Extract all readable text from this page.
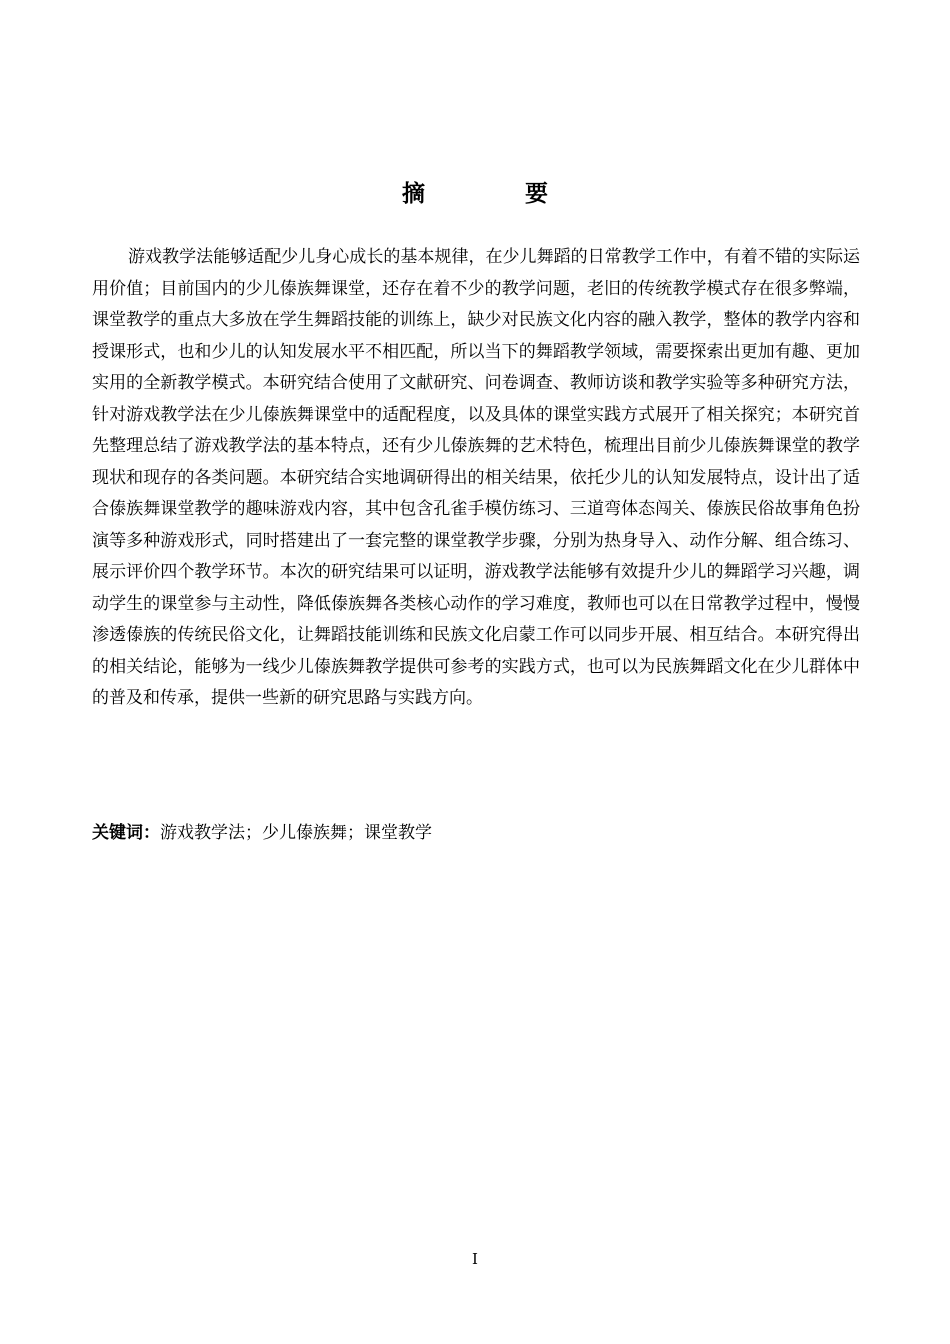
摘 要

游戏教学法能够适配少儿身心成长的基本规律，在少儿舞蹈的日常教学工作中，有着不错的实际运用价值；目前国内的少儿傣族舞课堂，还存在着不少的教学问题，老旧的传统教学模式存在很多弊端，课堂教学的重点大多放在学生舞蹈技能的训练上，缺少对民族文化内容的融入教学，整体的教学内容和授课形式，也和少儿的认知发展水平不相匹配，所以当下的舞蹈教学领域，需要探索出更加有趣、更加实用的全新教学模式。本研究结合使用了文献研究、问卷调查、教师访谈和教学实验等多种研究方法，针对游戏教学法在少儿傣族舞课堂中的适配程度，以及具体的课堂实践方式展开了相关探究；本研究首先整理总结了游戏教学法的基本特点，还有少儿傣族舞的艺术特色，梳理出目前少儿傣族舞课堂的教学现状和现存的各类问题。本研究结合实地调研得出的相关结果，依托少儿的认知发展特点，设计出了适合傣族舞课堂教学的趣味游戏内容，其中包含孔雀手模仿练习、三道弯体态闯关、傣族民俗故事角色扮演等多种游戏形式，同时搭建出了一套完整的课堂教学步骤，分别为热身导入、动作分解、组合练习、展示评价四个教学环节。本次的研究结果可以证明，游戏教学法能够有效提升少儿的舞蹈学习兴趣，调动学生的课堂参与主动性，降低傣族舞各类核心动作的学习难度，教师也可以在日常教学过程中，慢慢渗透傣族的传统民俗文化，让舞蹈技能训练和民族文化启蒙工作可以同步开展、相互结合。本研究得出的相关结论，能够为一线少儿傣族舞教学提供可参考的实践方式，也可以为民族舞蹈文化在少儿群体中的普及和传承，提供一些新的研究思路与实践方向。

关键词：游戏教学法；少儿傣族舞；课堂教学

I
